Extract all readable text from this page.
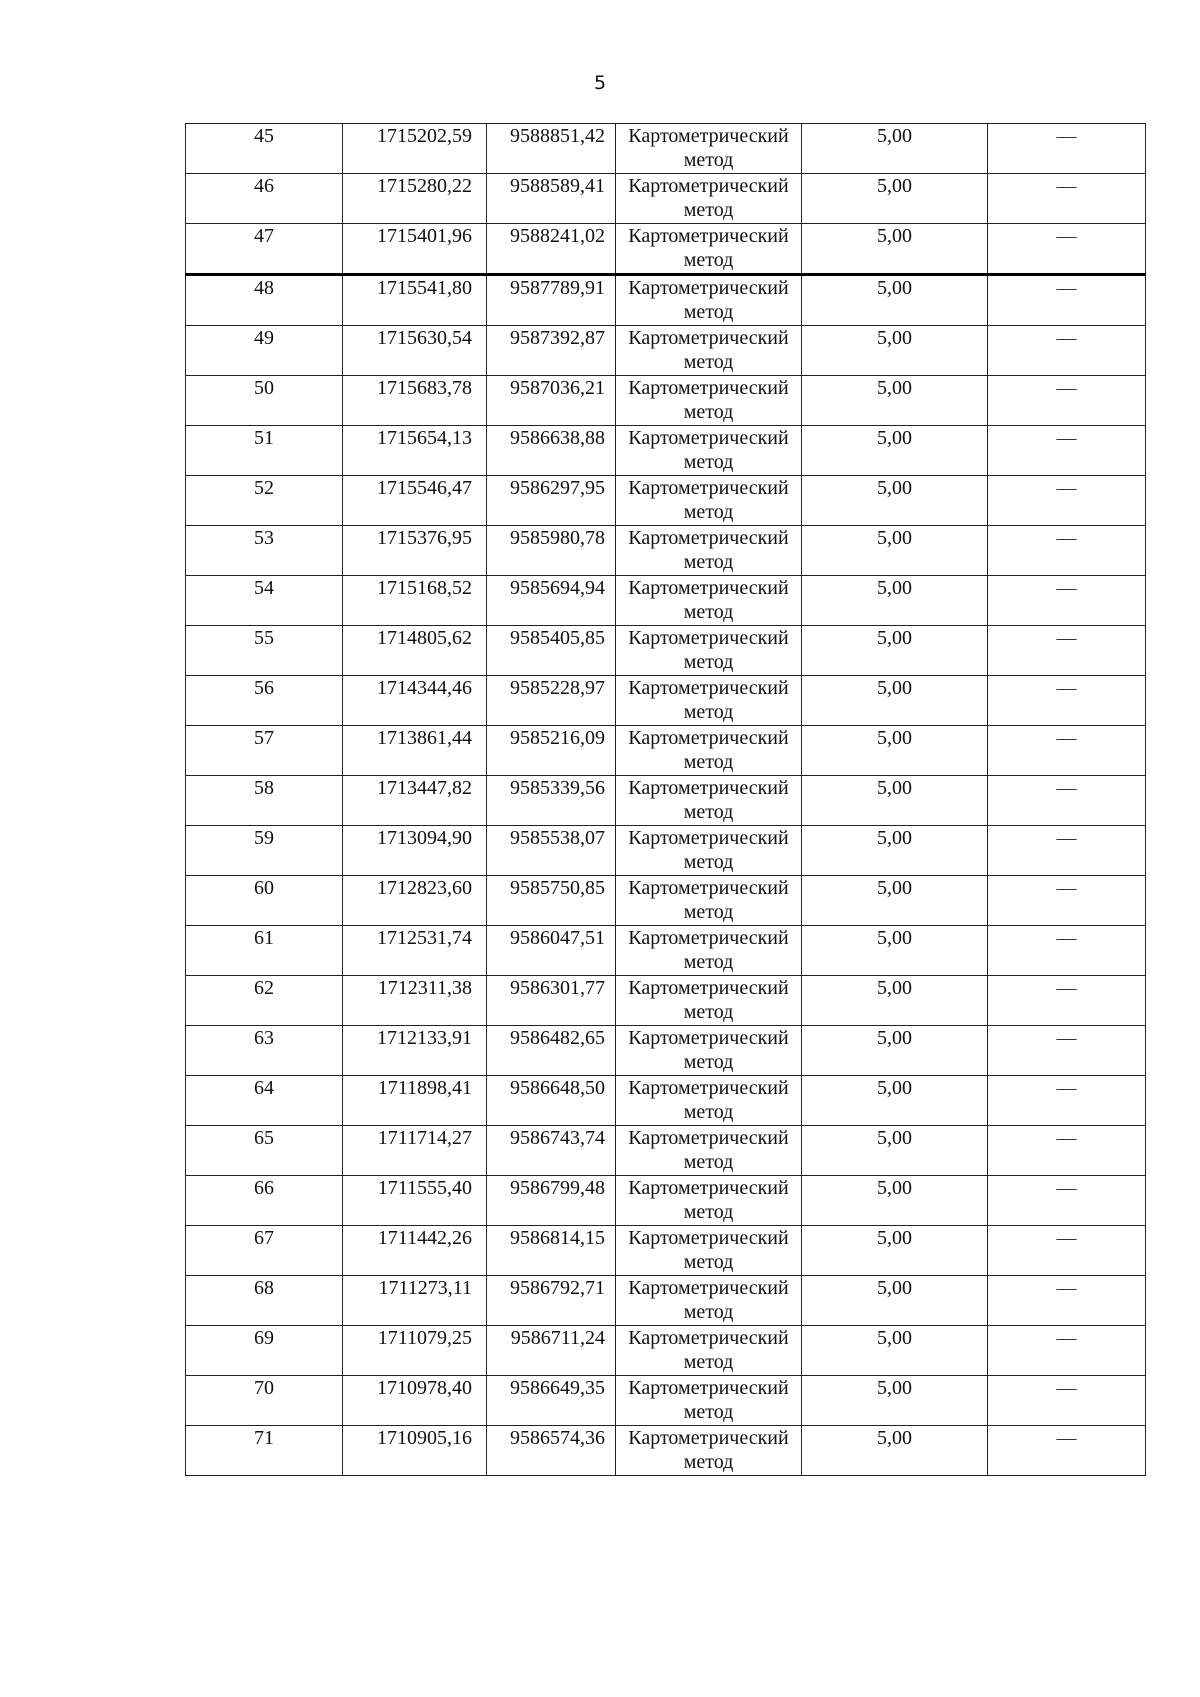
5
45	1715202,59	9588851,42	Картометрический метод	5,00	—
46	1715280,22	9588589,41	Картометрический метод	5,00	—
47	1715401,96	9588241,02	Картометрический метод	5,00	—
48	1715541,80	9587789,91	Картометрический метод	5,00	—
49	1715630,54	9587392,87	Картометрический метод	5,00	—
50	1715683,78	9587036,21	Картометрический метод	5,00	—
51	1715654,13	9586638,88	Картометрический метод	5,00	—
52	1715546,47	9586297,95	Картометрический метод	5,00	—
53	1715376,95	9585980,78	Картометрический метод	5,00	—
54	1715168,52	9585694,94	Картометрический метод	5,00	—
55	1714805,62	9585405,85	Картометрический метод	5,00	—
56	1714344,46	9585228,97	Картометрический метод	5,00	—
57	1713861,44	9585216,09	Картометрический метод	5,00	—
58	1713447,82	9585339,56	Картометрический метод	5,00	—
59	1713094,90	9585538,07	Картометрический метод	5,00	—
60	1712823,60	9585750,85	Картометрический метод	5,00	—
61	1712531,74	9586047,51	Картометрический метод	5,00	—
62	1712311,38	9586301,77	Картометрический метод	5,00	—
63	1712133,91	9586482,65	Картометрический метод	5,00	—
64	1711898,41	9586648,50	Картометрический метод	5,00	—
65	1711714,27	9586743,74	Картометрический метод	5,00	—
66	1711555,40	9586799,48	Картометрический метод	5,00	—
67	1711442,26	9586814,15	Картометрический метод	5,00	—
68	1711273,11	9586792,71	Картометрический метод	5,00	—
69	1711079,25	9586711,24	Картометрический метод	5,00	—
70	1710978,40	9586649,35	Картометрический метод	5,00	—
71	1710905,16	9586574,36	Картометрический метод	5,00	—
